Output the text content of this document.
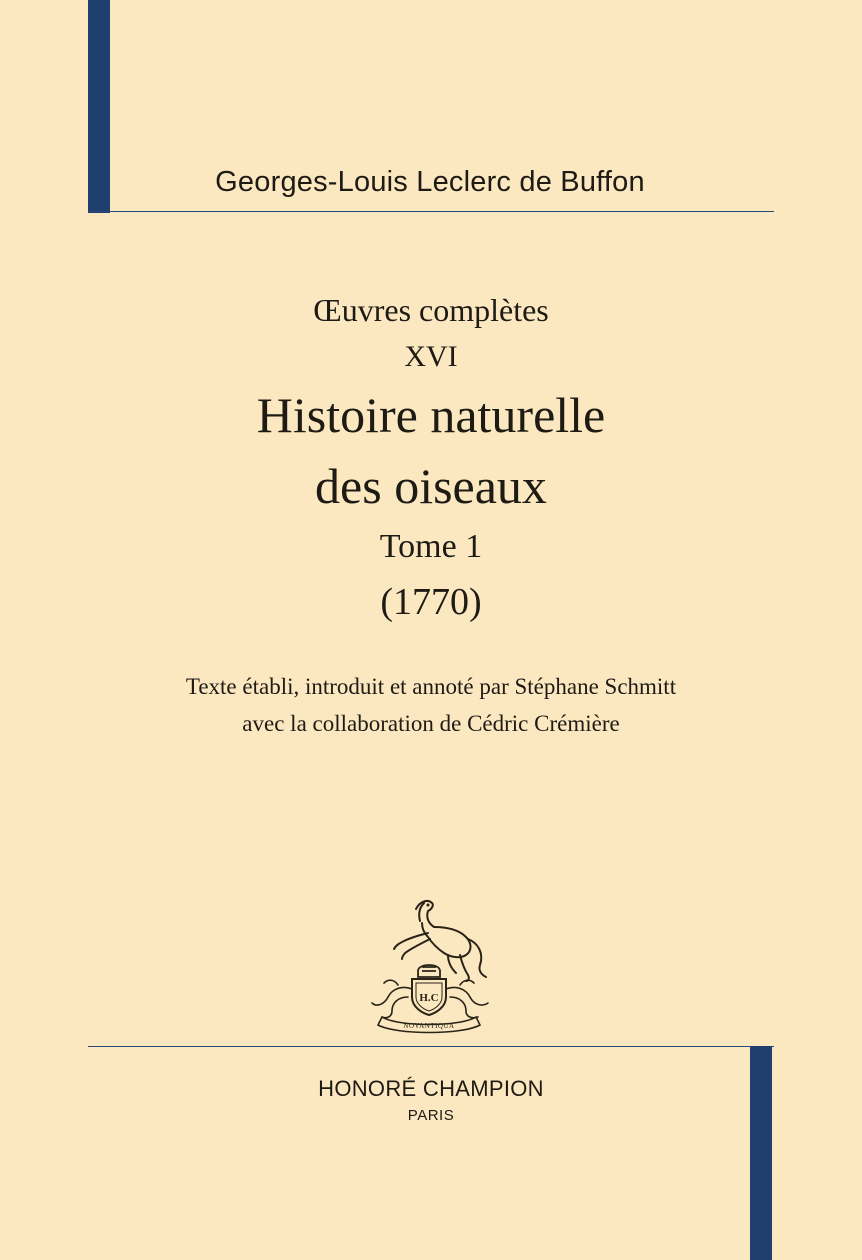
Georges-Louis Leclerc de Buffon
Œuvres complètes
XVI
Histoire naturelle
des oiseaux
Tome 1
(1770)
Texte établi, introduit et annoté par Stéphane Schmitt
avec la collaboration de Cédric Crémière
H.C
NOVANTIQUA
HONORÉ CHAMPION
PARIS
